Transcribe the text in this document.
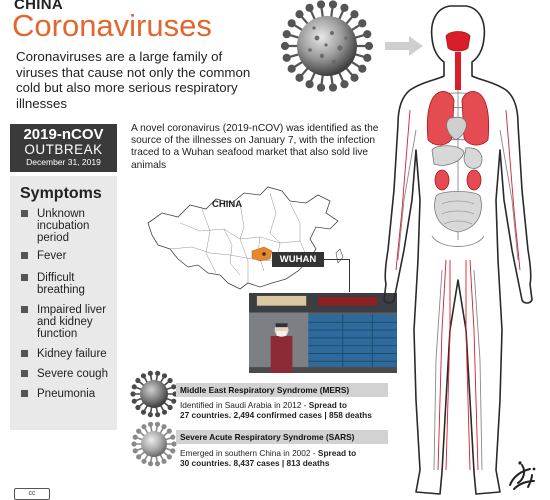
CHINA
Coronaviruses
Coronaviruses are a large family of viruses that cause not only the common cold but also more serious respiratory illnesses
2019-nCOV
OUTBREAK
December 31, 2019
Symptoms
Unknown incubation period
Fever
Difficult breathing
Impaired liver and kidney function
Kidney failure
Severe cough
Pneumonia
A novel coronavirus (2019-nCOV) was identified as the source of the illnesses on January 7, with the infection traced to a Wuhan seafood market that also sold live animals
CHINA
WUHAN
Middle East Respiratory Syndrome (MERS)
Identified in Saudi Arabia in 2012 - Spread to
27 countries. 2,494 confirmed cases | 858 deaths
Severe Acute Respiratory Syndrome (SARS)
Emerged in southern China in 2002 - Spread to
30 countries. 8,437 cases | 813 deaths
cc
